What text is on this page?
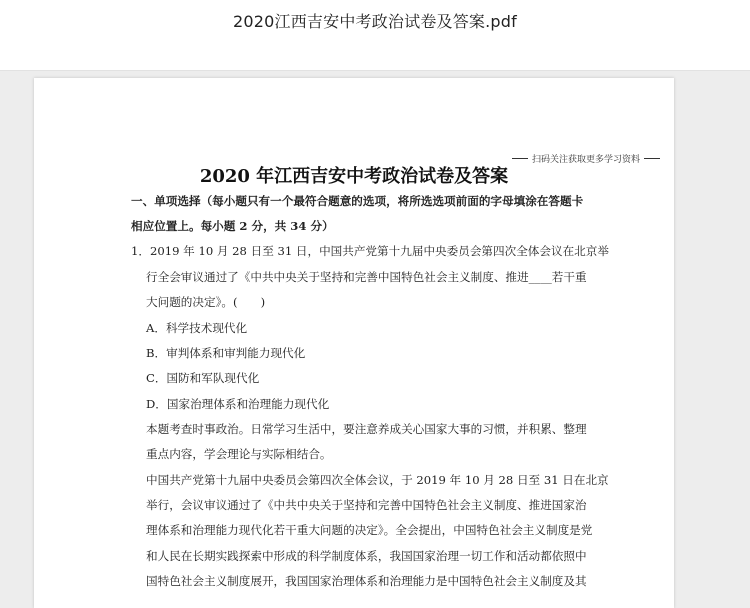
2020江西吉安中考政治试卷及答案.pdf
扫码关注获取更多学习资料
2020 年江西吉安中考政治试卷及答案
一、单项选择（每小题只有一个最符合题意的选项，将所选选项前面的字母填涂在答题卡
相应位置上。每小题 2 分，共 34 分）
1．2019 年 10 月 28 日至 31 日，中国共产党第十九届中央委员会第四次全体会议在北京举
行全会审议通过了《中共中央关于坚持和完善中国特色社会主义制度、推进____若干重
大问题的决定》。(　　)
A．科学技术现代化
B．审判体系和审判能力现代化
C．国防和军队现代化
D．国家治理体系和治理能力现代化
本题考查时事政治。日常学习生活中，要注意养成关心国家大事的习惯，并积累、整理
重点内容，学会理论与实际相结合。
中国共产党第十九届中央委员会第四次全体会议，于 2019 年 10 月 28 日至 31 日在北京
举行，会议审议通过了《中共中央关于坚持和完善中国特色社会主义制度、推进国家治
理体系和治理能力现代化若干重大问题的决定》。全会提出，中国特色社会主义制度是党
和人民在长期实践探索中形成的科学制度体系，我国国家治理一切工作和活动都依照中
国特色社会主义制度展开，我国国家治理体系和治理能力是中国特色社会主义制度及其
